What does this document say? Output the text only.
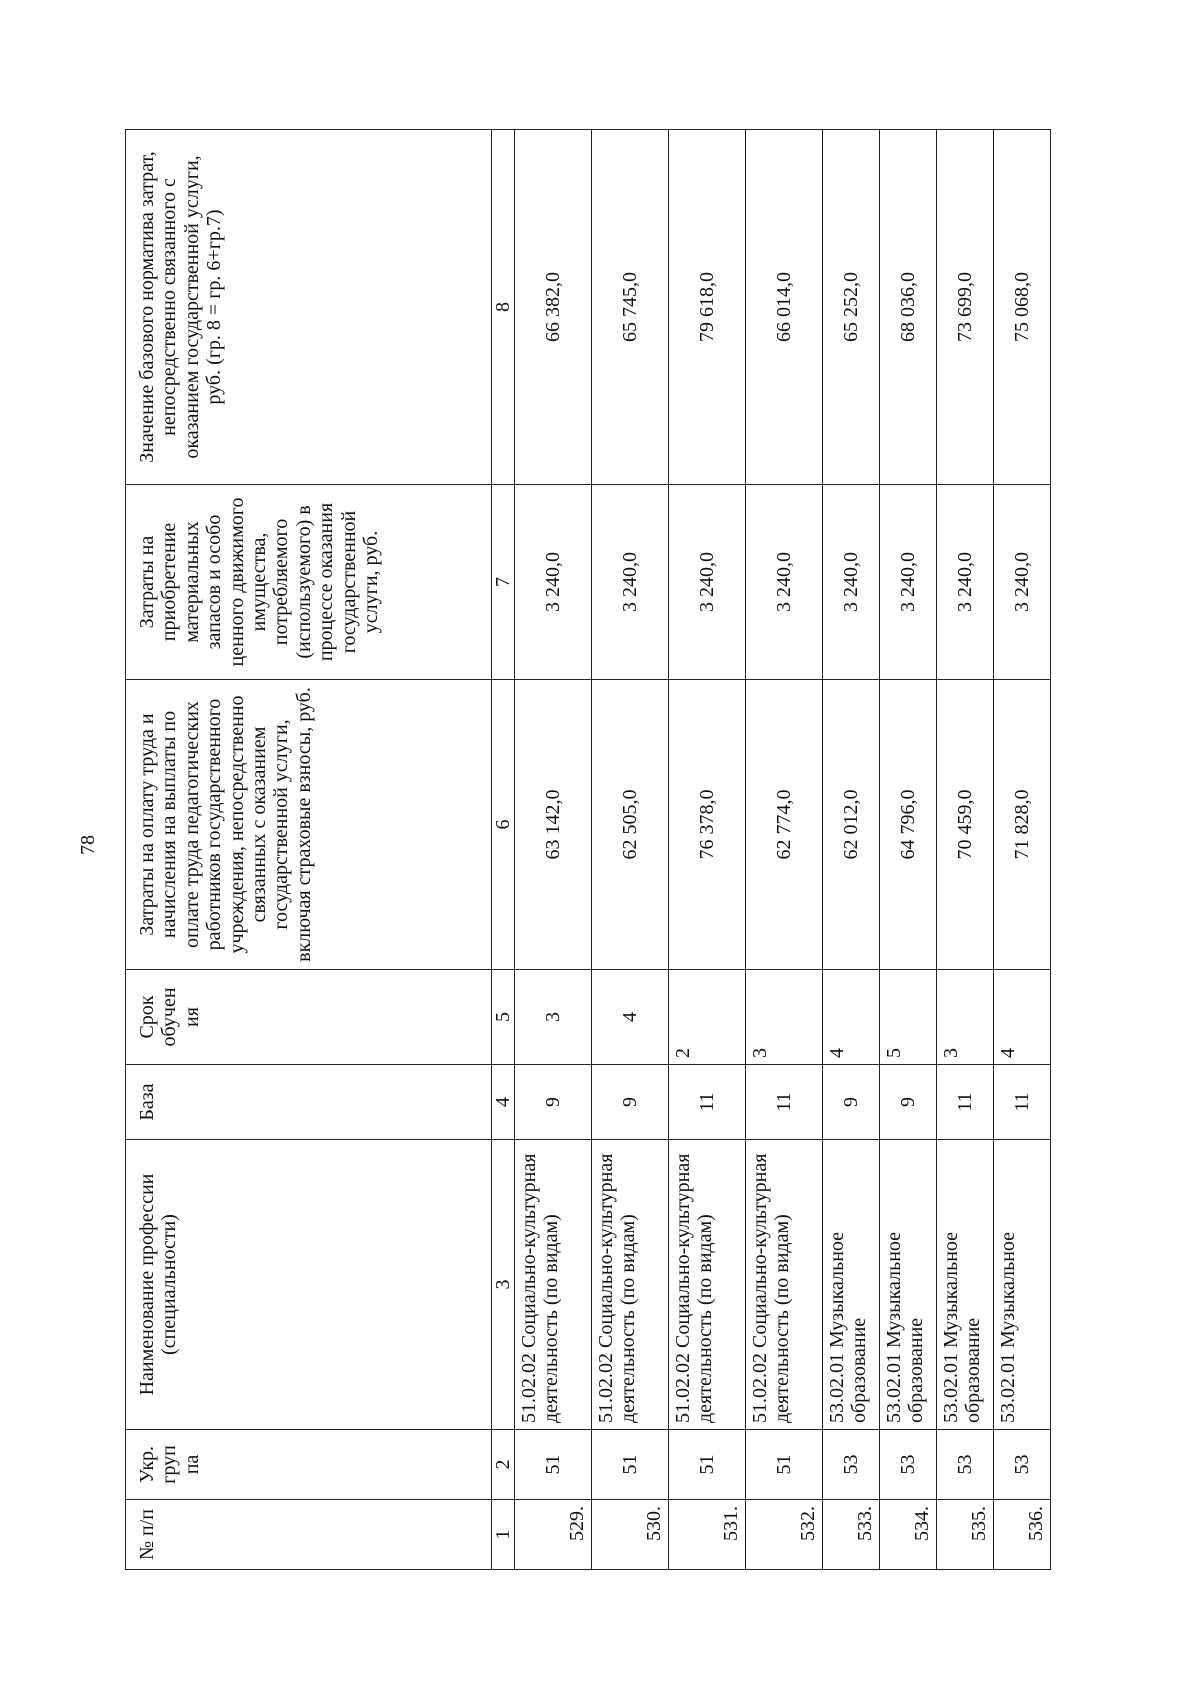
78
№ п/п	Укр. груп па	Наименование профессии (специальности)	База	Срок обучен ия	Затраты на оплату труда и начисления на выплаты по оплате труда педагогических работников государственного учреждения, непосредственно связанных с оказанием государственной услуги, включая страховые взносы, руб.	Затраты на приобретение материальных запасов и особо ценного движимого имущества, потребляемого (используемого) в процессе оказания государственной услуги, руб.	Значение базового норматива затрат, непосредственно связанного с оказанием государственной услуги, руб. (гр. 8 = гр. 6+гр.7)
1	2	3	4	5	6	7	8
529.	51	51.02.02 Социально-культурная деятельность (по видам)	9	3	63 142,0	3 240,0	66 382,0
530.	51	51.02.02 Социально-культурная деятельность (по видам)	9	4	62 505,0	3 240,0	65 745,0
531.	51	51.02.02 Социально-культурная деятельность (по видам)	11	2	76 378,0	3 240,0	79 618,0
532.	51	51.02.02 Социально-культурная деятельность (по видам)	11	3	62 774,0	3 240,0	66 014,0
533.	53	53.02.01 Музыкальное образование	9	4	62 012,0	3 240,0	65 252,0
534.	53	53.02.01 Музыкальное образование	9	5	64 796,0	3 240,0	68 036,0
535.	53	53.02.01 Музыкальное образование	11	3	70 459,0	3 240,0	73 699,0
536.	53	53.02.01 Музыкальное	11	4	71 828,0	3 240,0	75 068,0
